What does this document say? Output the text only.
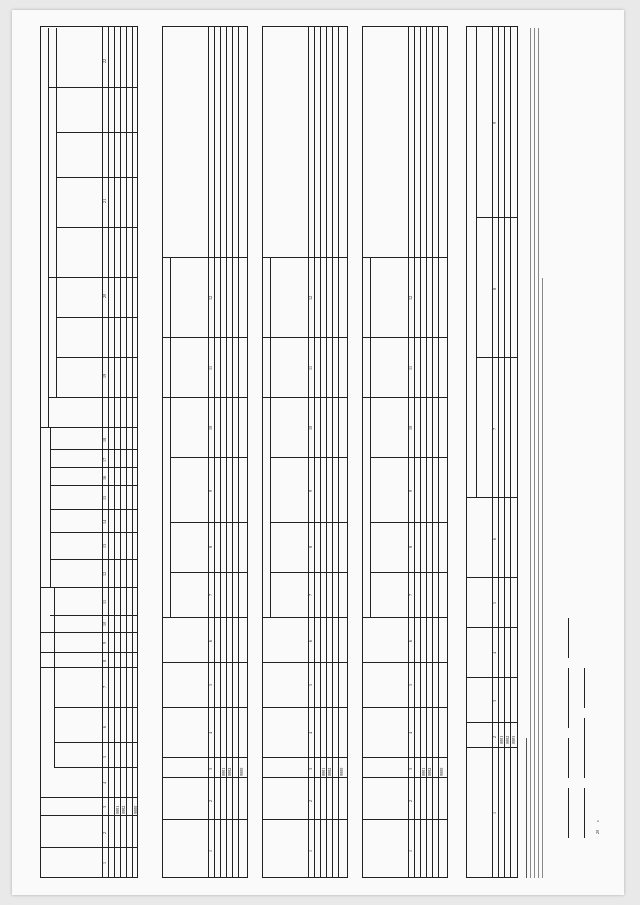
1
2
3
4
5
6
7
8
9
10
11
12
13
14
15
16
17
18
19
20
21
22
0001 0002 9000
1
2
3
4
5
6
7
8
9
10
11
12
0001 0002 9000
1
2
3
4
5
6
7
8
9
10
11
12
0001 0002 9000
1
2
3
4
5
6
7
8
9
10
11
12
0001 0002 9000
1
2
3
4
5
6
7
8
9
0001 0002 0003
20
г.
